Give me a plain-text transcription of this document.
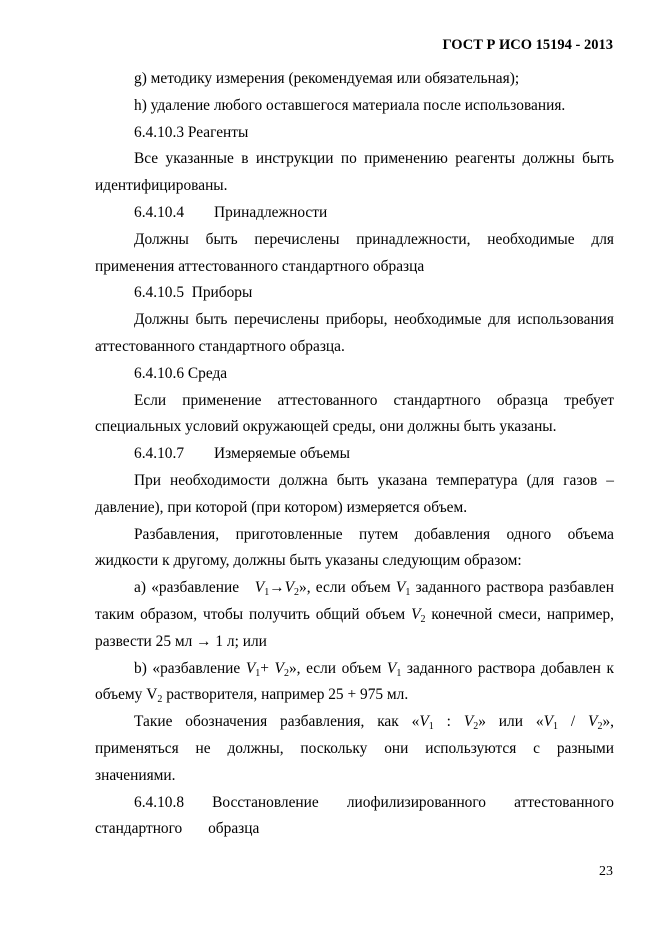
ГОСТ Р ИСО 15194 - 2013

g) методику измерения (рекомендуемая или обязательная);

h) удаление любого оставшегося материала после использования.

6.4.10.3 Реагенты

Все указанные в инструкции по применению реагенты должны быть идентифицированы.

6.4.10.4 Принадлежности

Должны быть перечислены принадлежности, необходимые для применения аттестованного стандартного образца

6.4.10.5 Приборы

Должны быть перечислены приборы, необходимые для использования аттестованного стандартного образца.

6.4.10.6 Среда

Если применение аттестованного стандартного образца требует специальных условий окружающей среды, они должны быть указаны.

6.4.10.7 Измеряемые объемы

При необходимости должна быть указана температура (для газов – давление), при которой (при котором) измеряется объем.

Разбавления, приготовленные путем добавления одного объема жидкости к другому, должны быть указаны следующим образом:

a) «разбавление $V_1\to V_2$», если объем $V_1$ заданного раствора разбавлен таким образом, чтобы получить общий объем $V_2$ конечной смеси, например, развести 25 мл → 1 л; или

b) «разбавление $V_1+ V_2$», если объем $V_1$ заданного раствора добавлен к объему $V_2$ растворителя, например 25 + 975 мл.

Такие обозначения разбавления, как «$V_1$ : $V_2$» или «$V_1 / V_2$», применяться не должны, поскольку они используются с разными значениями.

6.4.10.8 Восстановление лиофилизированного аттестованного стандартного образца

23
